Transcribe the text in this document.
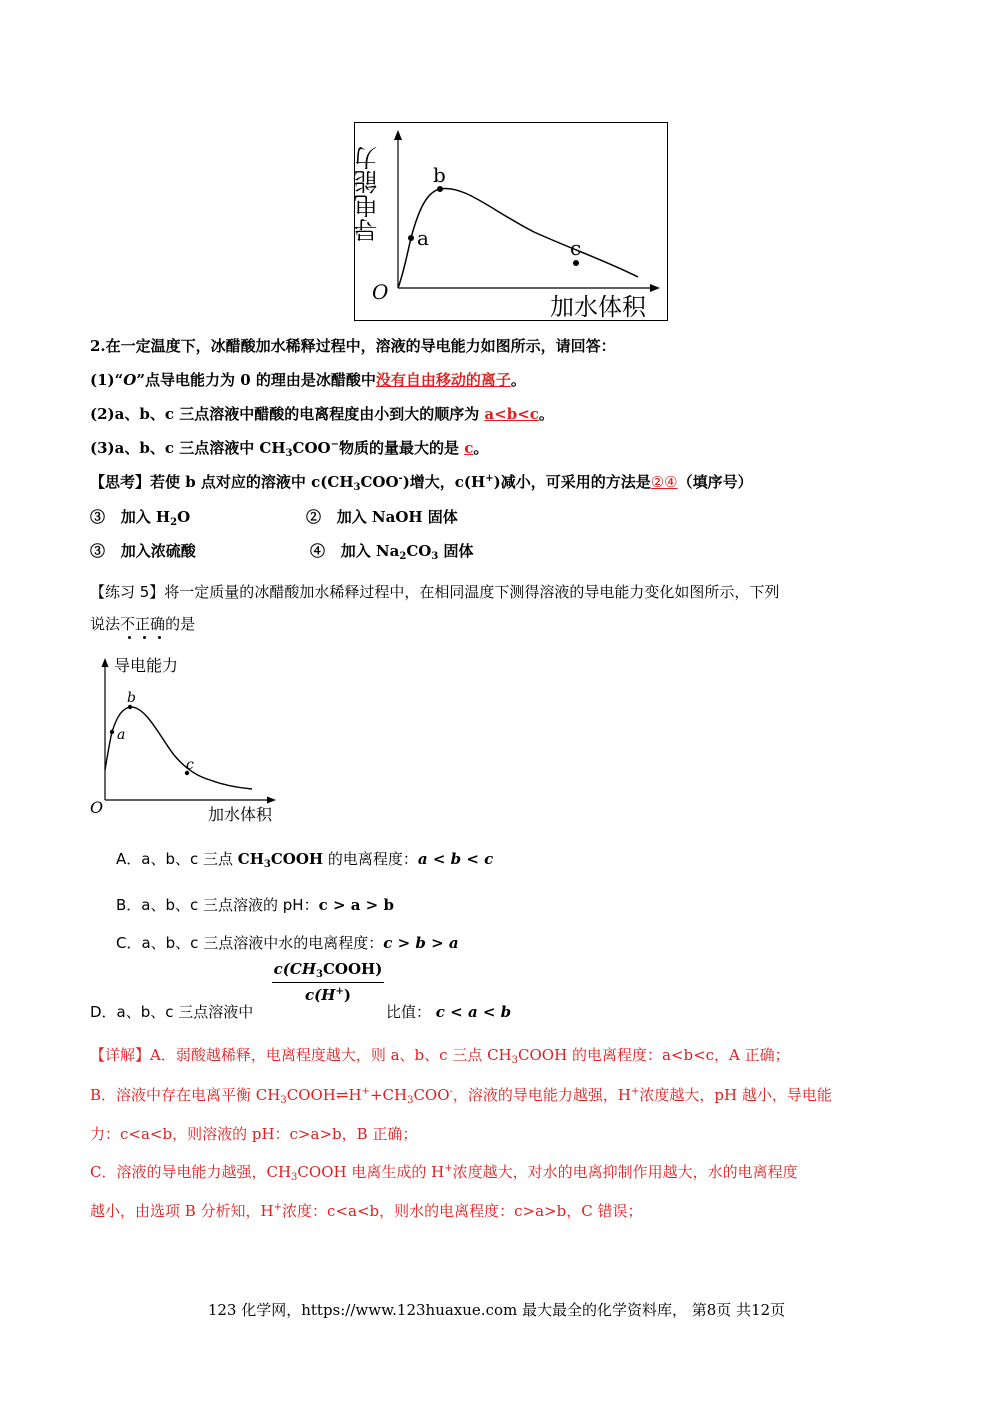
a
b
c
O
加水体积
导电能力
2.在一定温度下，冰醋酸加水稀释过程中，溶液的导电能力如图所示，请回答：
(1)“O”点导电能力为 0 的理由是冰醋酸中没有自由移动的离子。
(2)a、b、c 三点溶液中醋酸的电离程度由小到大的顺序为 a<b<c。
(3)a、b、c 三点溶液中 $CH_3COO^-$物质的量最大的是 c。
【思考】若使 b 点对应的溶液中 $c(CH_3COO^-)$增大，c(H+)减小，可采用的方法是②④（填序号）
③ 加入 $H_2O$	② 加入 NaOH 固体
③ 加入浓硫酸	④ 加入 $Na_2CO_3$ 固体
【练习 5】将一定质量的冰醋酸加水稀释过程中，在相同温度下测得溶液的导电能力变化如图所示，下列
说法不正确的是
a
b
c
O
导电能力
加水体积
A．a、b、c 三点 $CH_3COOH$ 的电离程度：a < b < c
B．a、b、c 三点溶液的 pH：c > a > b
C．a、b、c 三点溶液中水的电离程度：c > b > a
$c(CH_3COOH)$
c(H+)
D．a、b、c 三点溶液中	比值： c < a < b
【详解】A．弱酸越稀释，电离程度越大，则 a、b、c 三点 $CH_3COOH$ 的电离程度：a<b<c，A 正确；
B．溶液中存在电离平衡 $CH_3COOH\rightleftharpoons H^++CH_3COO^-$，溶液的导电能力越强，H+浓度越大，pH 越小，导电能
力：c<a<b，则溶液的 pH：c>a>b，B 正确；
C．溶液的导电能力越强，$CH_3COOH$ 电离生成的 H+浓度越大，对水的电离抑制作用越大，水的电离程度
越小，由选项 B 分析知，H+浓度：c<a<b，则水的电离程度：c>a>b，C 错误；
123 化学网，https://www.123huaxue.com 最大最全的化学资料库， 第8页 共12页
